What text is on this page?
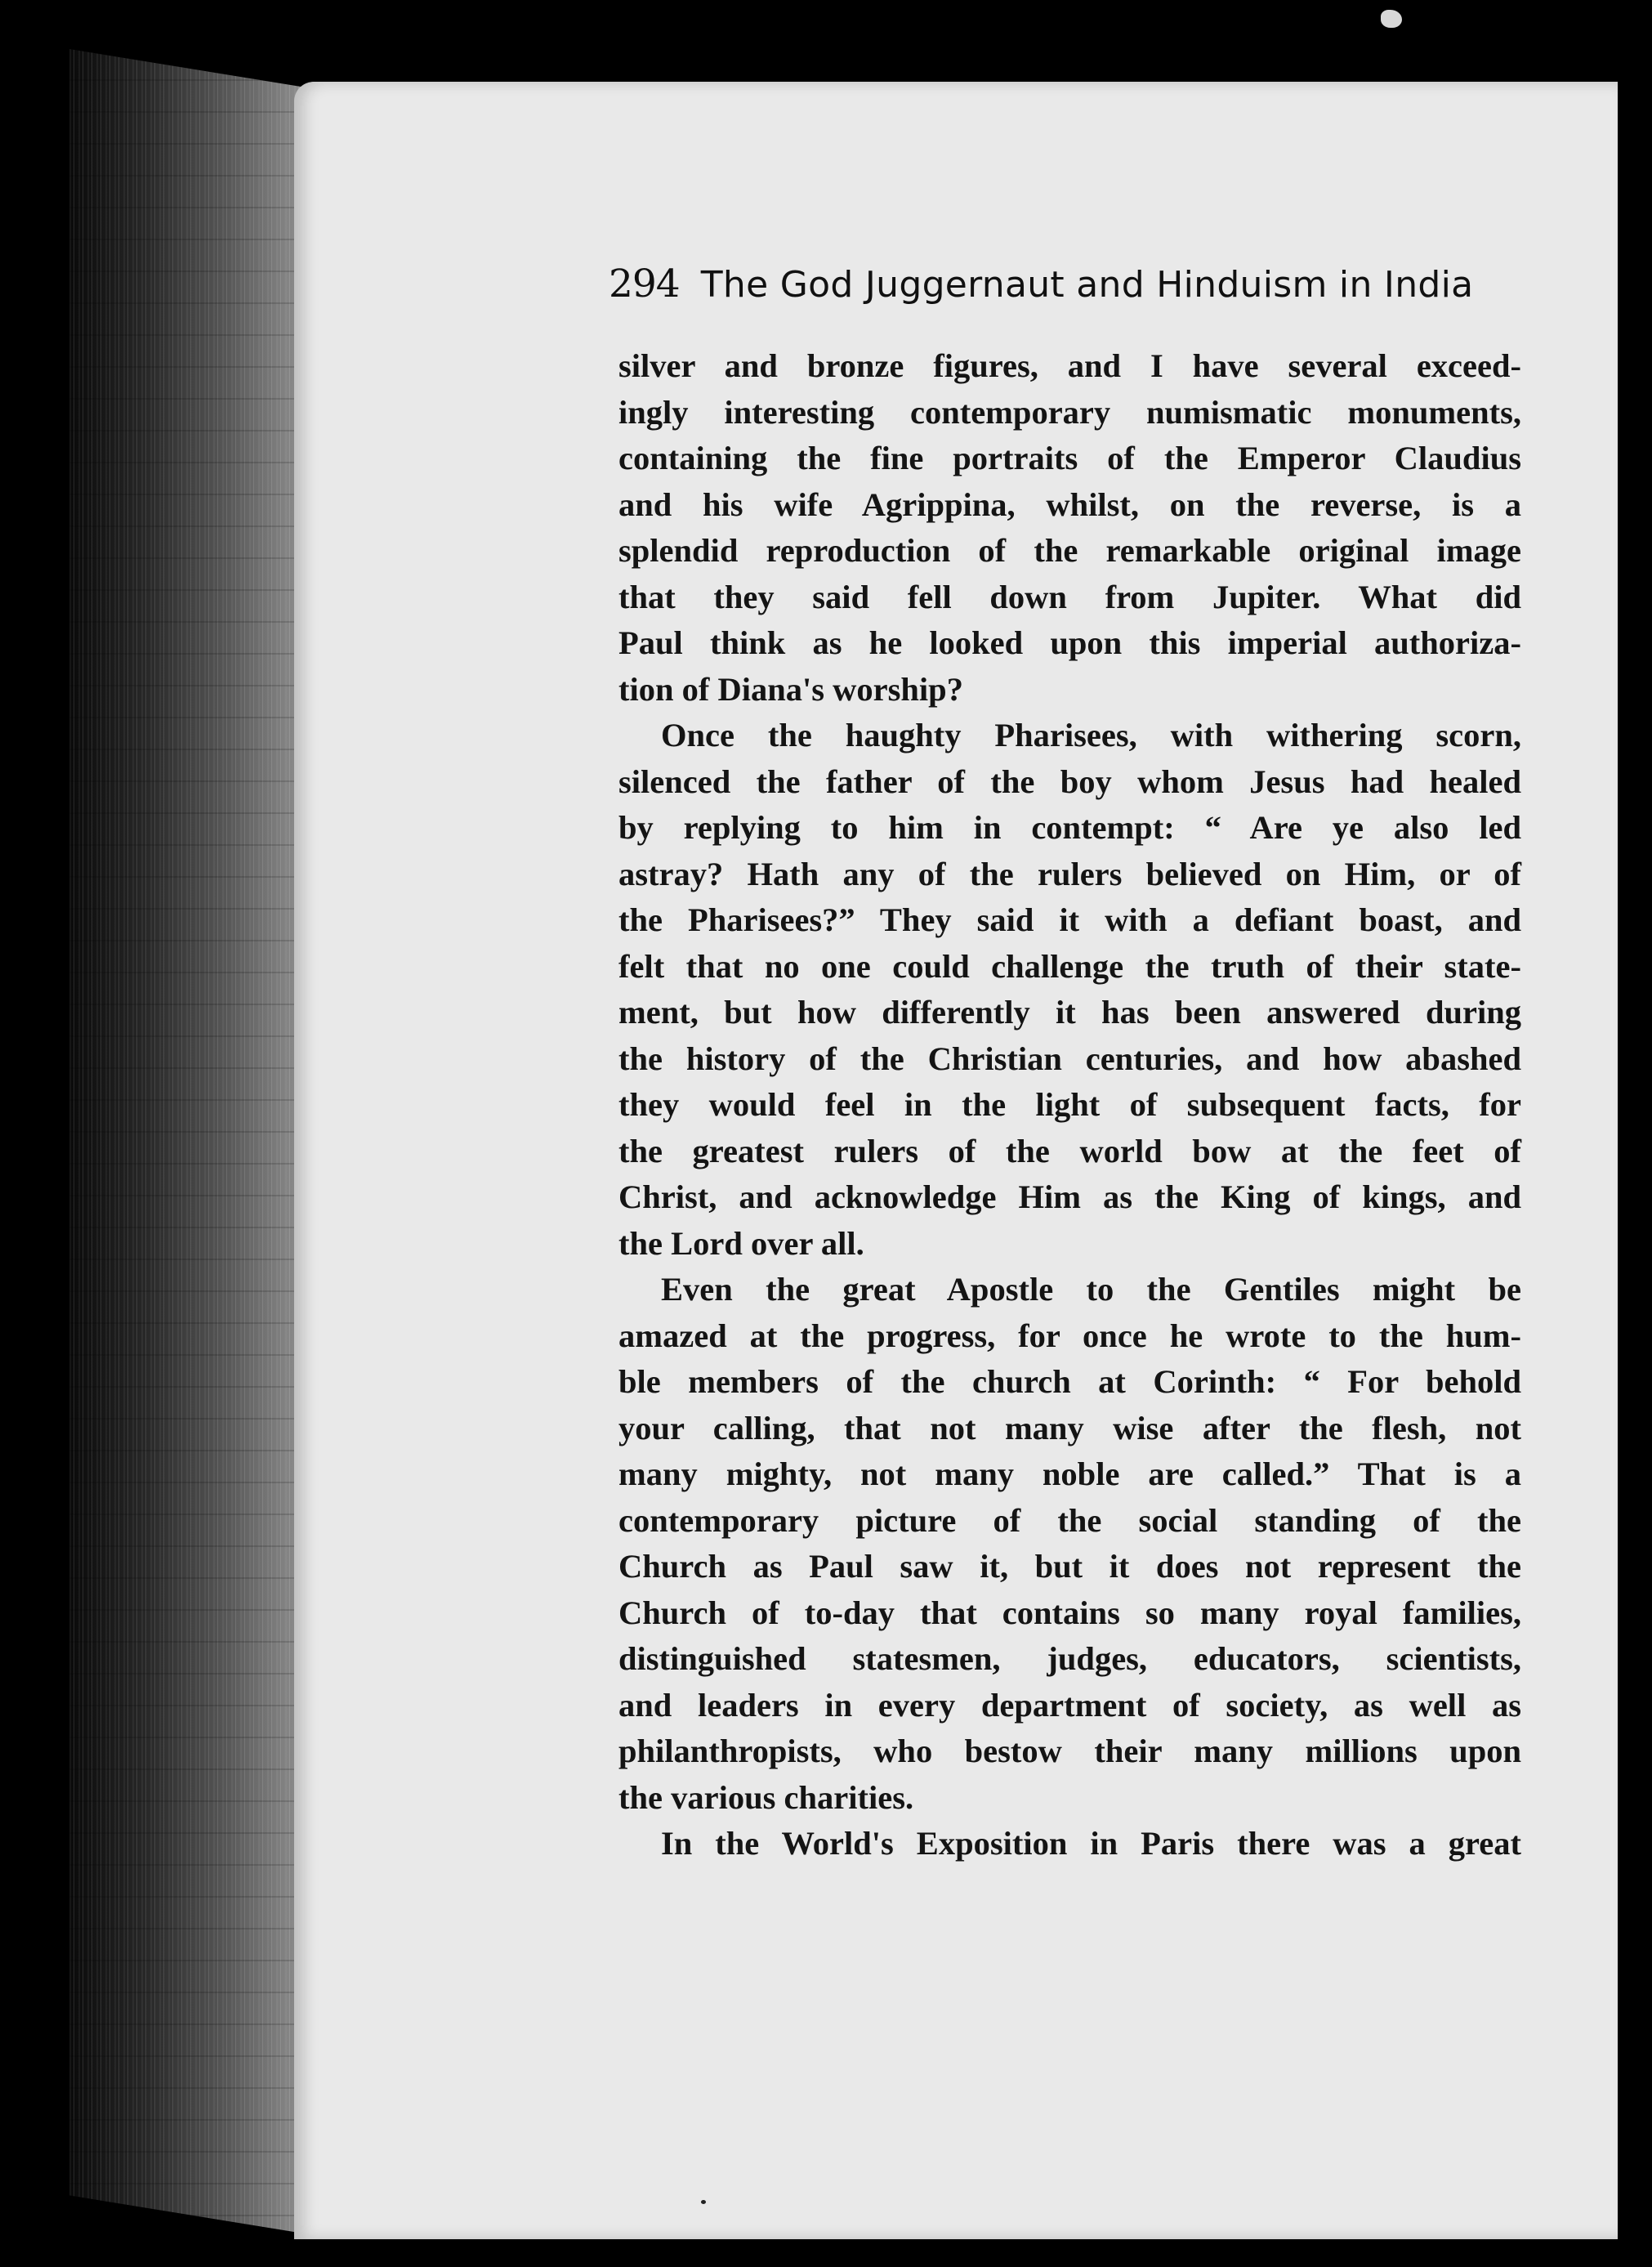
294 The God Juggernaut and Hinduism in India
silver and bronze figures, and I have several exceed-
ingly interesting contemporary numismatic monuments,
containing the fine portraits of the Emperor Claudius
and his wife Agrippina, whilst, on the reverse, is a
splendid reproduction of the remarkable original image
that they said fell down from Jupiter. What did
Paul think as he looked upon this imperial authoriza-
tion of Diana's worship?
Once the haughty Pharisees, with withering scorn,
silenced the father of the boy whom Jesus had healed
by replying to him in contempt: “ Are ye also led
astray? Hath any of the rulers believed on Him, or of
the Pharisees?” They said it with a defiant boast, and
felt that no one could challenge the truth of their state-
ment, but how differently it has been answered during
the history of the Christian centuries, and how abashed
they would feel in the light of subsequent facts, for
the greatest rulers of the world bow at the feet of
Christ, and acknowledge Him as the King of kings, and
the Lord over all.
Even the great Apostle to the Gentiles might be
amazed at the progress, for once he wrote to the hum-
ble members of the church at Corinth: “ For behold
your calling, that not many wise after the flesh, not
many mighty, not many noble are called.” That is a
contemporary picture of the social standing of the
Church as Paul saw it, but it does not represent the
Church of to-day that contains so many royal families,
distinguished statesmen, judges, educators, scientists,
and leaders in every department of society, as well as
philanthropists, who bestow their many millions upon
the various charities.
In the World's Exposition in Paris there was a great
